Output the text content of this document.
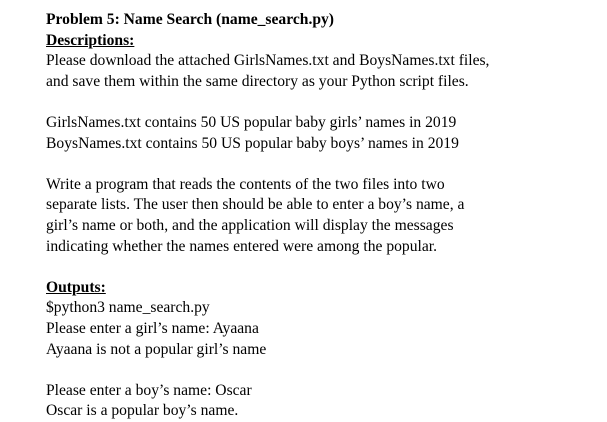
Problem 5: Name Search (name_search.py)
Descriptions:
Please download the attached GirlsNames.txt and BoysNames.txt files,
and save them within the same directory as your Python script files.
GirlsNames.txt contains 50 US popular baby girls’ names in 2019
BoysNames.txt contains 50 US popular baby boys’ names in 2019
Write a program that reads the contents of the two files into two
separate lists. The user then should be able to enter a boy’s name, a
girl’s name or both, and the application will display the messages
indicating whether the names entered were among the popular.
Outputs:
$python3 name_search.py
Please enter a girl’s name: Ayaana
Ayaana is not a popular girl’s name
Please enter a boy’s name: Oscar
Oscar is a popular boy’s name.
